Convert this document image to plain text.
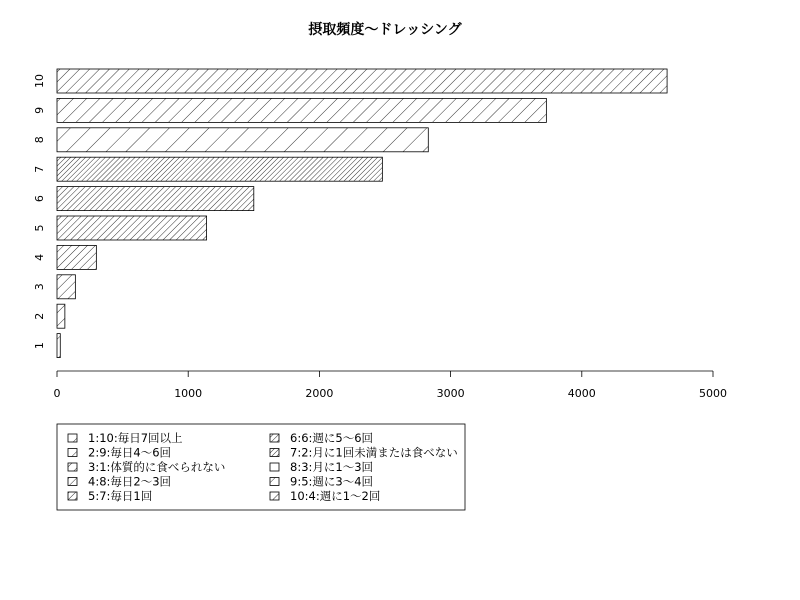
摂取頻度〜ドレッシング
1
2
3
4
5
6
7
8
9
10
0	1000	2000	3000	4000	5000
1:10:毎日7回以上
2:9:毎日4〜6回
3:1:体質的に食べられない
4:8:毎日2〜3回
5:7:毎日1回
6:6:週に5〜6回
7:2:月に1回未満または食べない
8:3:月に1〜3回
9:5:週に3〜4回
10:4:週に1〜2回
